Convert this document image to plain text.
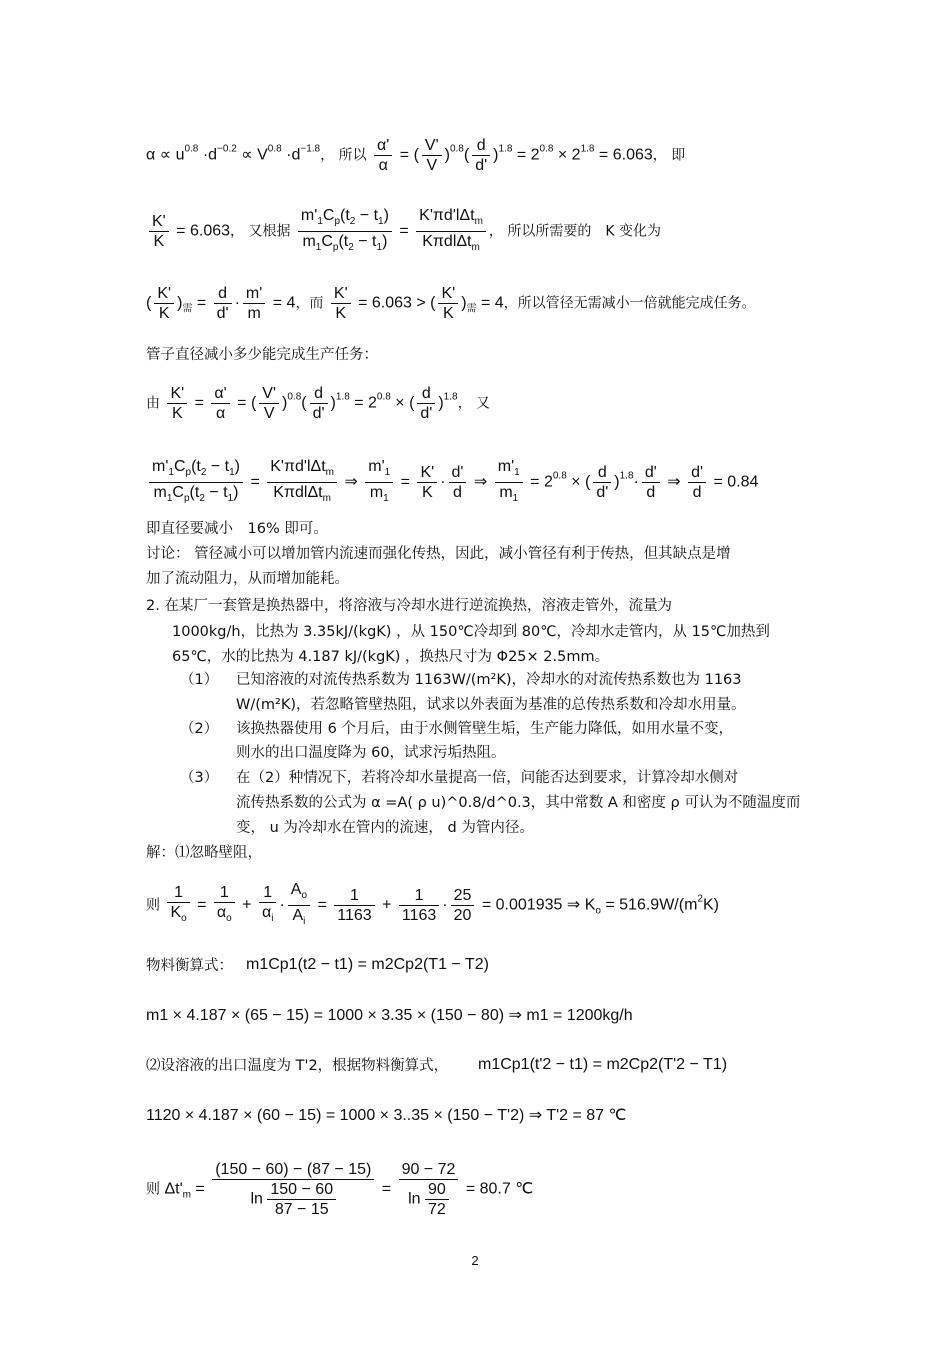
$\alpha \propto u^{0.8} \cdot d^{-0.2} \propto V^{0.8} \cdot d^{-1.8}$， 所以 $\frac{\alpha'}{\alpha}$ = ( $\frac{V'}{V} )^{0.8}( \frac{d}{d'} )^{1.8} = 2^{0.8} \times 2^{1.8} = 6.063$， 即
$\frac{K'}{K} = 6.063$， 又根据 $\frac{m'_1C_p(t_2 - t_1)}{m_1C_p(t_2 - t_1)} = \frac{K'\pi d'l\Delta t_m}{K\pi dl\Delta t_m}$ ， 所以所需要的　K 变化为
( $\frac{K'}{K} )_需 = \frac{d}{d'} \cdot \frac{m'}{m} = 4$，而 $\frac{K'}{K} = 6.063$ > ( $\frac{K'}{K} )_需 = 4$，所以管径无需减小一倍就能完成任务。
管子直径减小多少能完成生产任务：
由 $\frac{K'}{K} = \frac{\alpha'}{\alpha}$ = ( $\frac{V'}{V} )^{0.8}( \frac{d}{d'} )^{1.8} = 2^{0.8}$ × ( $\frac{d}{d'} )^{1.8}$， 又
$\frac{m'_1C_p(t_2 - t_1)}{m_1C_p(t_2 - t_1)} = \frac{K'\pi d'l\Delta t_m}{K\pi dl\Delta t_m}$ ⇒ $\frac{m'_1}{m_1} = \frac{K'}{K} \cdot \frac{d'}{d}$ ⇒ $\frac{m'_1}{m_1} = 2^{0.8}$ × ( $\frac{d}{d'} )^{1.8}\cdot \frac{d'}{d}$ ⇒ $\frac{d'}{d} = 0.84$
即直径要减小　16% 即可。
讨论： 管径减小可以增加管内流速而强化传热，因此，减小管径有利于传热，但其缺点是增
加了流动阻力，从而增加能耗。
2. 在某厂一套管是换热器中，将溶液与冷却水进行逆流换热，溶液走管外，流量为
1000kg/h，比热为 3.35kJ/(kgK) ，从 150℃冷却到 80℃，冷却水走管内，从 15℃加热到
65℃，水的比热为 4.187 kJ/(kgK) ，换热尺寸为 Φ25× 2.5mm。
（1） 已知溶液的对流传热系数为 1163W/(m²K)，冷却水的对流传热系数也为 1163
W/(m²K)，若忽略管壁热阻，试求以外表面为基准的总传热系数和冷却水用量。
（2） 该换热器使用 6 个月后，由于水侧管壁生垢，生产能力降低，如用水量不变，
则水的出口温度降为 60，试求污垢热阻。
（3） 在（2）种情况下，若将冷却水量提高一倍，问能否达到要求，计算冷却水侧对
流传热系数的公式为 α =A( ρ u)^0.8/d^0.3，其中常数 A 和密度 ρ 可认为不随温度而
变， u 为冷却水在管内的流速， d 为管内径。
解：⑴忽略壁阻，
则 $\frac{1}{K_o} = \frac{1}{\alpha_o} + \frac{1}{\alpha_i} \cdot \frac{A_o}{A_i} = \frac{1}{1163} + \frac{1}{1163} \cdot \frac{25}{20} = 0.001935$ ⇒ $K_o = 516.9W/(m^2K)$
物料衡算式： m1Cp1(t2 − t1) = m2Cp2(T1 − T2)
m1 × 4.187 × (65 − 15) = 1000 × 3.35 × (150 − 80) ⇒ m1 = 1200kg/h
⑵设溶液的出口温度为 T'2，根据物料衡算式， m1Cp1(t'2 − t1) = m2Cp2(T'2 − T1)
1120 × 4.187 × (60 − 15) = 1000 × 3..35 × (150 − T'2) ⇒ T'2 = 87 ℃
则 $\Delta t'_m = \frac{(150 - 60) - (87 - 15)}{\ln \frac{150 - 60}{87 - 15}} = \frac{90 - 72}{\ln \frac{90}{72}} = 80.7$ ℃
2
